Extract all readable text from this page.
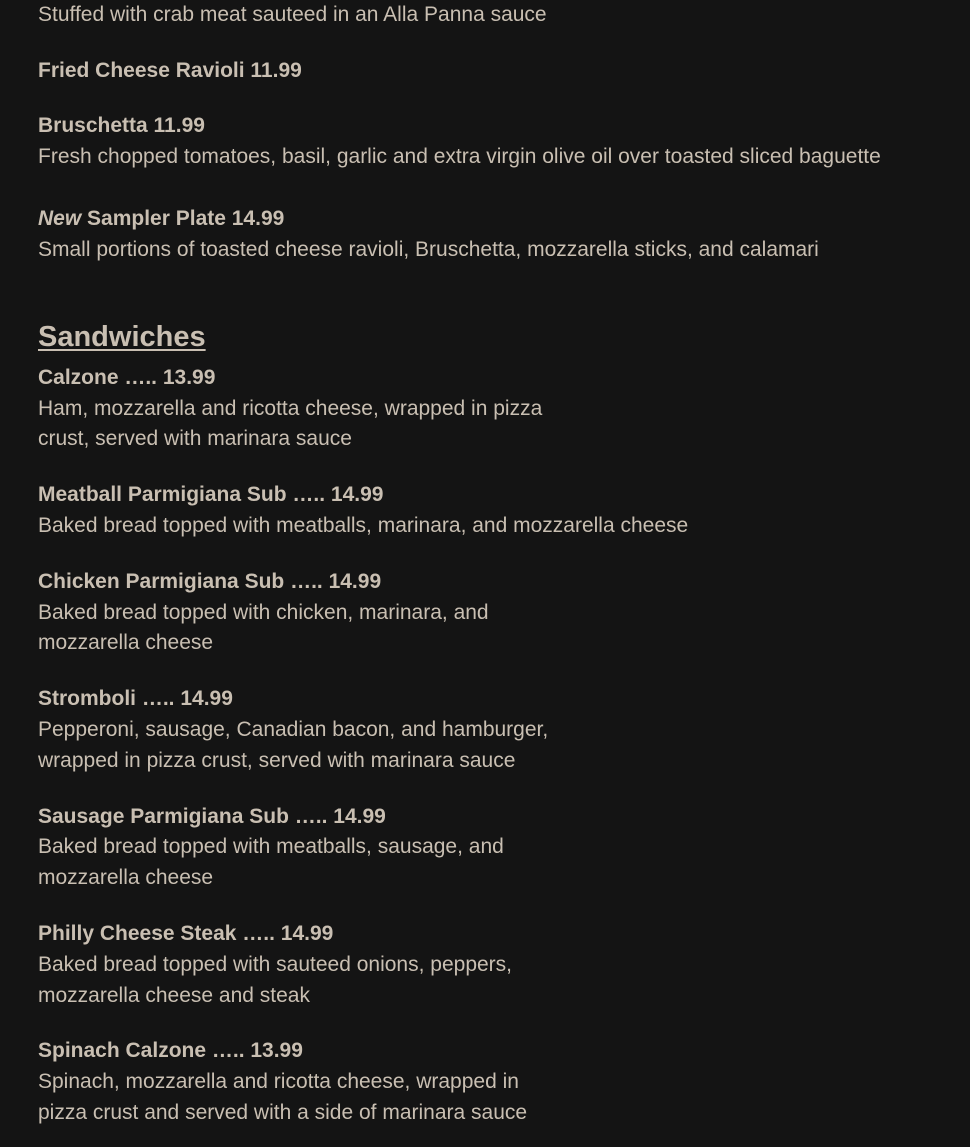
Stuffed with crab meat sauteed in an Alla Panna sauce
Fried Cheese Ravioli 11.99
Bruschetta 11.99
Fresh chopped tomatoes, basil, garlic and extra virgin olive oil over toasted sliced baguette
New Sampler Plate 14.99
Small portions of toasted cheese ravioli, Bruschetta, mozzarella sticks, and calamari
Sandwiches
Calzone ….. 13.99
Ham, mozzarella and ricotta cheese, wrapped in pizza
crust, served with marinara sauce
Meatball Parmigiana Sub ….. 14.99
Baked bread topped with meatballs, marinara, and mozzarella cheese
Chicken Parmigiana Sub ….. 14.99
Baked bread topped with chicken, marinara, and
mozzarella cheese
Stromboli ….. 14.99
Pepperoni, sausage, Canadian bacon, and hamburger,
wrapped in pizza crust, served with marinara sauce
Sausage Parmigiana Sub ….. 14.99
Baked bread topped with meatballs, sausage, and
mozzarella cheese
Philly Cheese Steak ….. 14.99
Baked bread topped with sauteed onions, peppers,
mozzarella cheese and steak
Spinach Calzone ….. 13.99
Spinach, mozzarella and ricotta cheese, wrapped in
pizza crust and served with a side of marinara sauce
